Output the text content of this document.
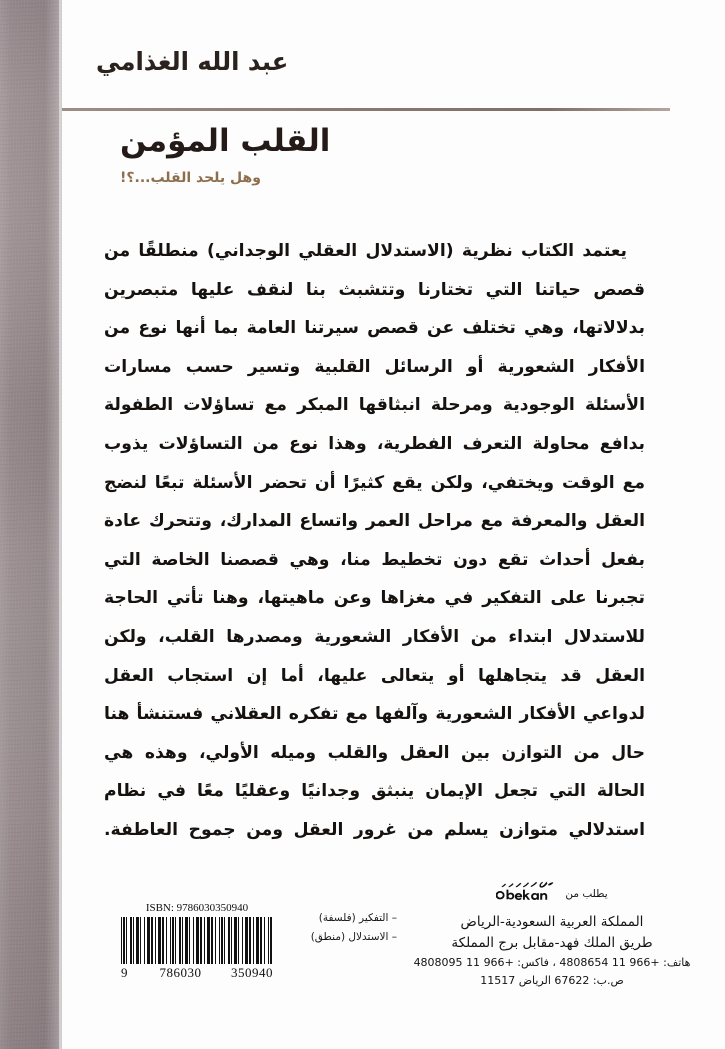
عبد الله الغذامي
القلب المؤمن

وهل يلحد القلب...؟!

يعتمد الكتاب نظرية (الاستدلال العقلي الوجداني) منطلقًا من قصص حياتنا التي تختارنا وتتشبث بنا لنقف عليها متبصرين بدلالاتها، وهي تختلف عن قصص سيرتنا العامة بما أنها نوع من الأفكار الشعورية أو الرسائل القلبية وتسير حسب مسارات الأسئلة الوجودية ومرحلة انبثاقها المبكر مع تساؤلات الطفولة بدافع محاولة التعرف الفطرية، وهذا نوع من التساؤلات يذوب مع الوقت ويختفي، ولكن يقع كثيرًا أن تحضر الأسئلة تبعًا لنضج العقل والمعرفة مع مراحل العمر واتساع المدارك، وتتحرك عادة بفعل أحداث تقع دون تخطيط منا، وهي قصصنا الخاصة التي تجبرنا على التفكير في مغزاها وعن ماهيتها، وهنا تأتي الحاجة للاستدلال ابتداء من الأفكار الشعورية ومصدرها القلب، ولكن العقل قد يتجاهلها أو يتعالى عليها، أما إن استجاب العقل لدواعي الأفكار الشعورية وآلفها مع تفكره العقلاني فستنشأ هنا حال من التوازن بين العقل والقلب وميله الأولي، وهذه هي الحالة التي تجعل الإيمان ينبثق وجدانيًا وعقليًا معًا في نظام استدلالي متوازن يسلم من غرور العقل ومن جموح العاطفة.
ISBN: 9786030350940
9 786030 350940
– التفكير (فلسفة)
– الاستدلال (منطق)
يطلب من
المملكة العربية السعودية-الرياض
طريق الملك فهد-مقابل برج المملكة
هاتف: +966 11 4808654 ، فاكس: +966 11 4808095
ص.ب: 67622 الرياض 11517
